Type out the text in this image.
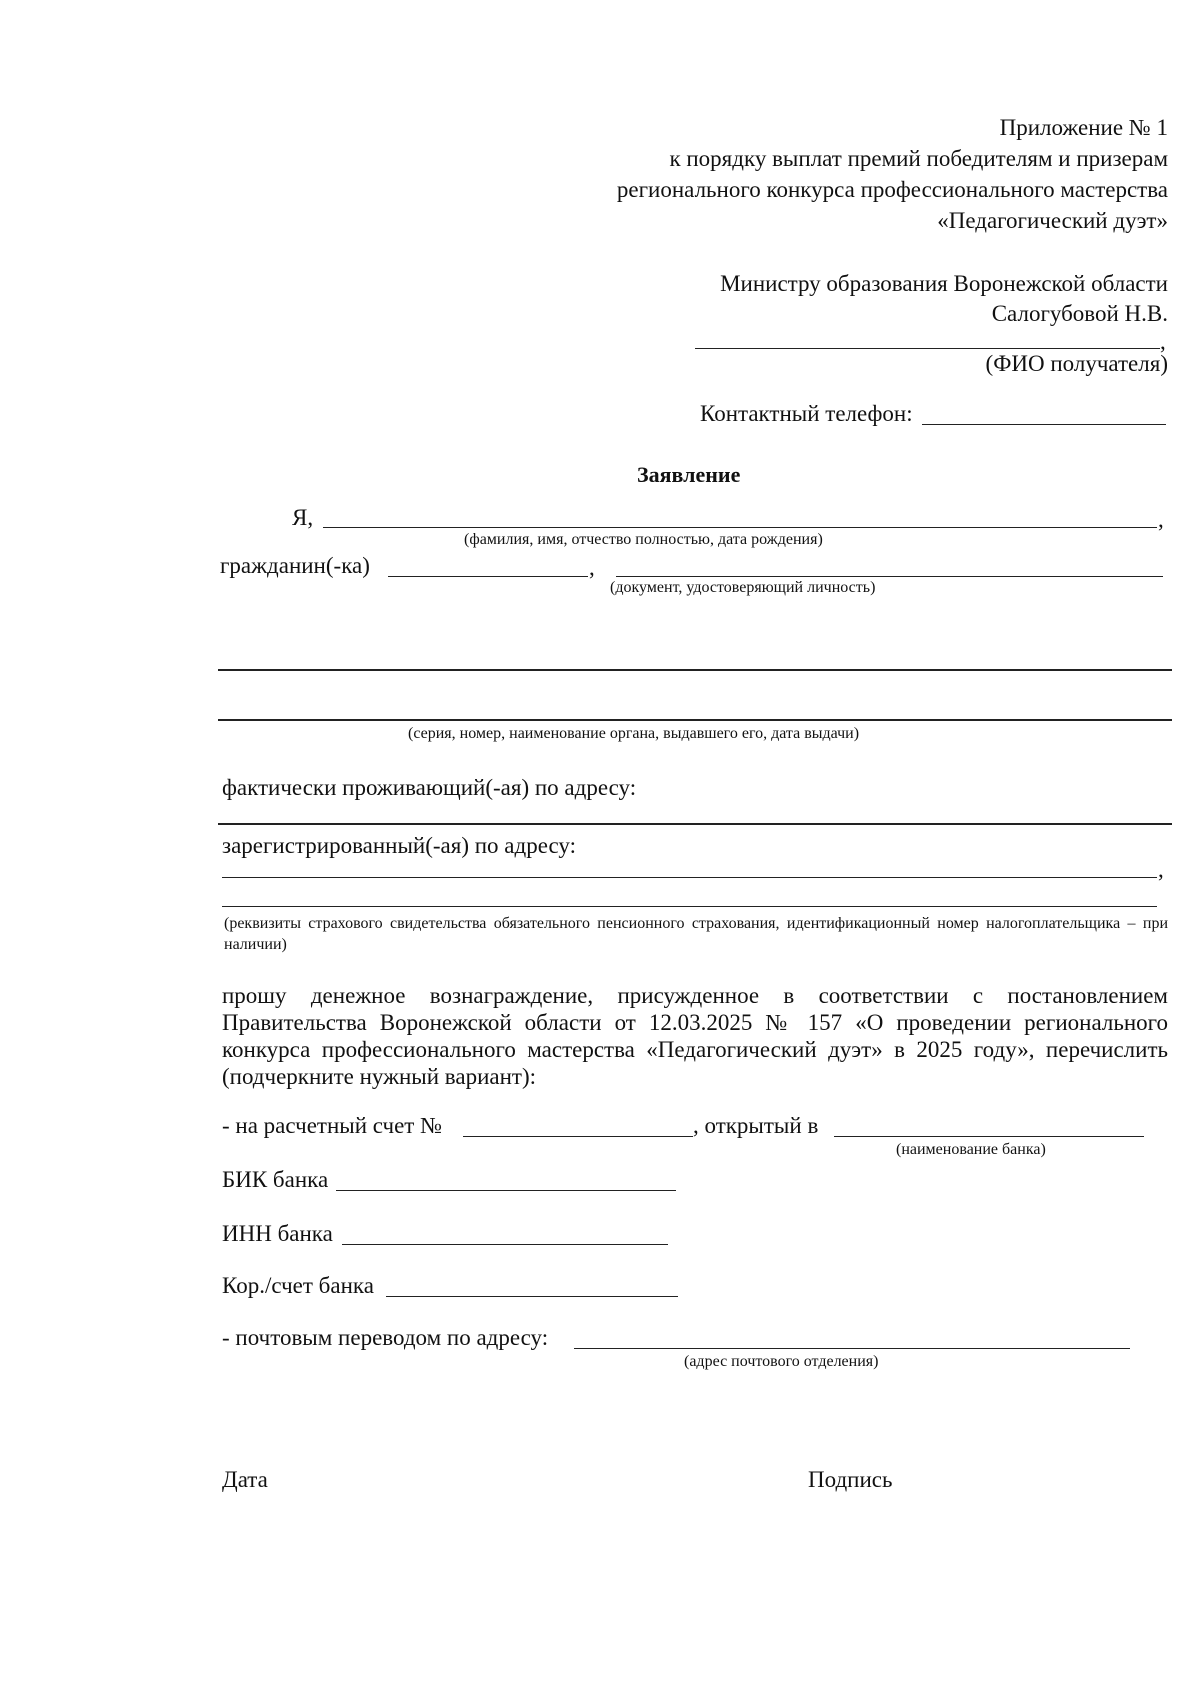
Приложение № 1
к порядку выплат премий победителям и призерам
регионального конкурса профессионального мастерства
«Педагогический дуэт»
Министру образования Воронежской области
Салогубовой Н.В.
,
(ФИО получателя)
Контактный телефон:
Заявление
Я,	,
(фамилия, имя, отчество полностью, дата рождения)
гражданин(-ка)	,
(документ, удостоверяющий личность)
(серия, номер, наименование органа, выдавшего его, дата выдачи)
фактически проживающий(-ая) по адресу:
зарегистрированный(-ая) по адресу:
,
(реквизиты страхового свидетельства обязательного пенсионного страхования, идентификационный номер налогоплательщика – при наличии)
прошу денежное вознаграждение, присужденное в соответствии с постановлением Правительства Воронежской области от 12.03.2025 № 157 «О проведении регионального конкурса профессионального мастерства «Педагогический дуэт» в 2025 году», перечислить (подчеркните нужный вариант):
- на расчетный счет №	, открытый в
(наименование банка)
БИК банка
ИНН банка
Кор./счет банка
- почтовым переводом по адресу:
(адрес почтового отделения)
Дата	Подпись
